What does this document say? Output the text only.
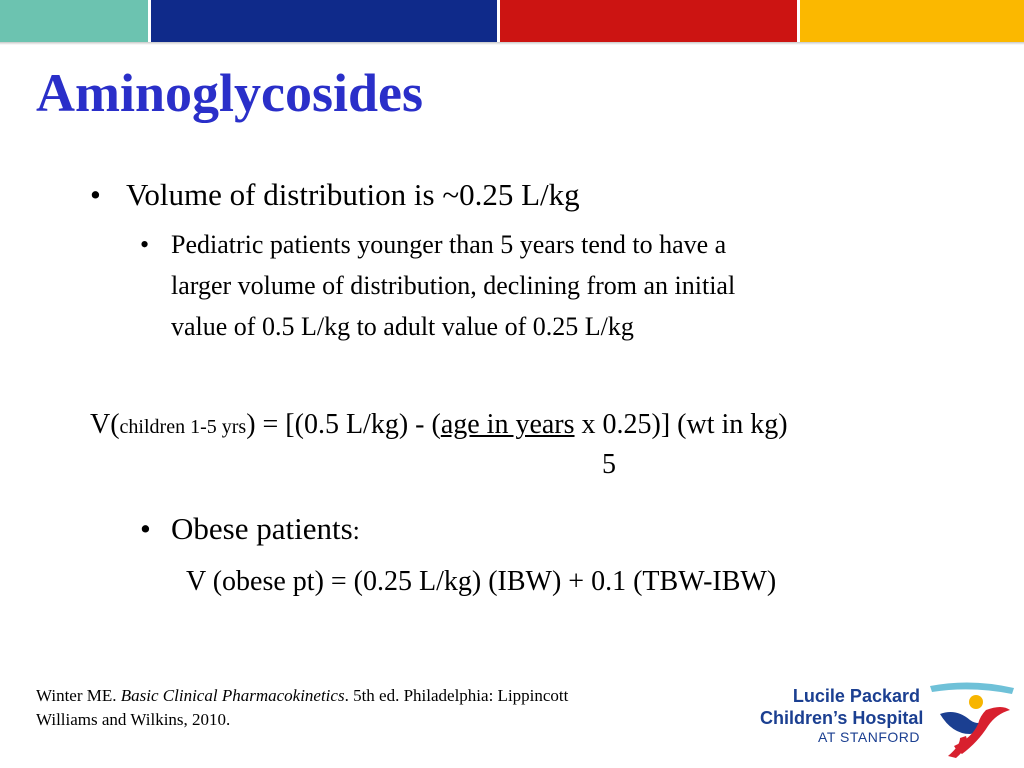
Aminoglycosides
• Volume of distribution is ~0.25 L/kg
• Pediatric patients younger than 5 years tend to have a
larger volume of distribution, declining from an initial
value of 0.5 L/kg to adult value of 0.25 L/kg
V(children 1-5 yrs) = [(0.5 L/kg) - (age in years x 0.25)] (wt in kg)
5
• Obese patients:
V (obese pt) = (0.25 L/kg) (IBW) + 0.1 (TBW-IBW)
Winter ME. Basic Clinical Pharmacokinetics. 5th ed. Philadelphia: Lippincott
Williams and Wilkins, 2010.
Lucile Packard
Children’s Hospital
AT STANFORD
